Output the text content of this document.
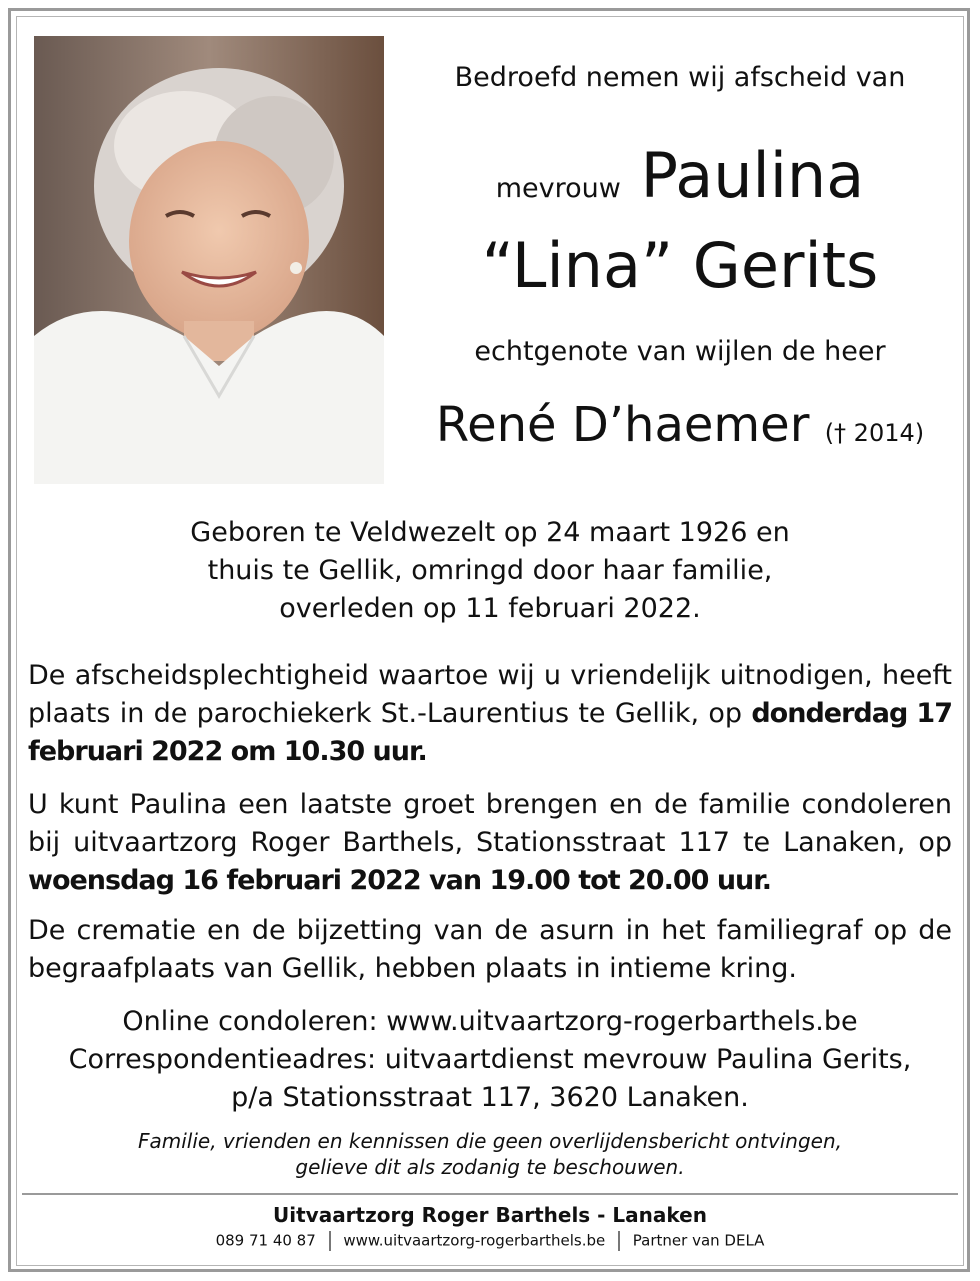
Bedroefd nemen wij afscheid van
mevrouw Paulina
“Lina” Gerits
echtgenote van wijlen de heer
René D’haemer († 2014)
Geboren te Veldwezelt op 24 maart 1926 en
thuis te Gellik, omringd door haar familie,
overleden op 11 februari 2022.
De afscheidsplechtigheid waartoe wij u vriendelijk uitnodigen, heeft plaats in de parochiekerk St.-Laurentius te Gellik, op donderdag 17 februari 2022 om 10.30 uur.
U kunt Paulina een laatste groet brengen en de familie condoleren bij uitvaartzorg Roger Barthels, Stationsstraat 117 te Lanaken, op woensdag 16 februari 2022 van 19.00 tot 20.00 uur.
De crematie en de bijzetting van de asurn in het familiegraf op de begraafplaats van Gellik, hebben plaats in intieme kring.
Online condoleren: www.uitvaartzorg-rogerbarthels.be
Correspondentieadres: uitvaartdienst mevrouw Paulina Gerits,
p/a Stationsstraat 117, 3620 Lanaken.
Familie, vrienden en kennissen die geen overlijdensbericht ontvingen,
gelieve dit als zodanig te beschouwen.
Uitvaartzorg Roger Barthels - Lanaken
089 71 40 87 www.uitvaartzorg-rogerbarthels.be Partner van DELA
